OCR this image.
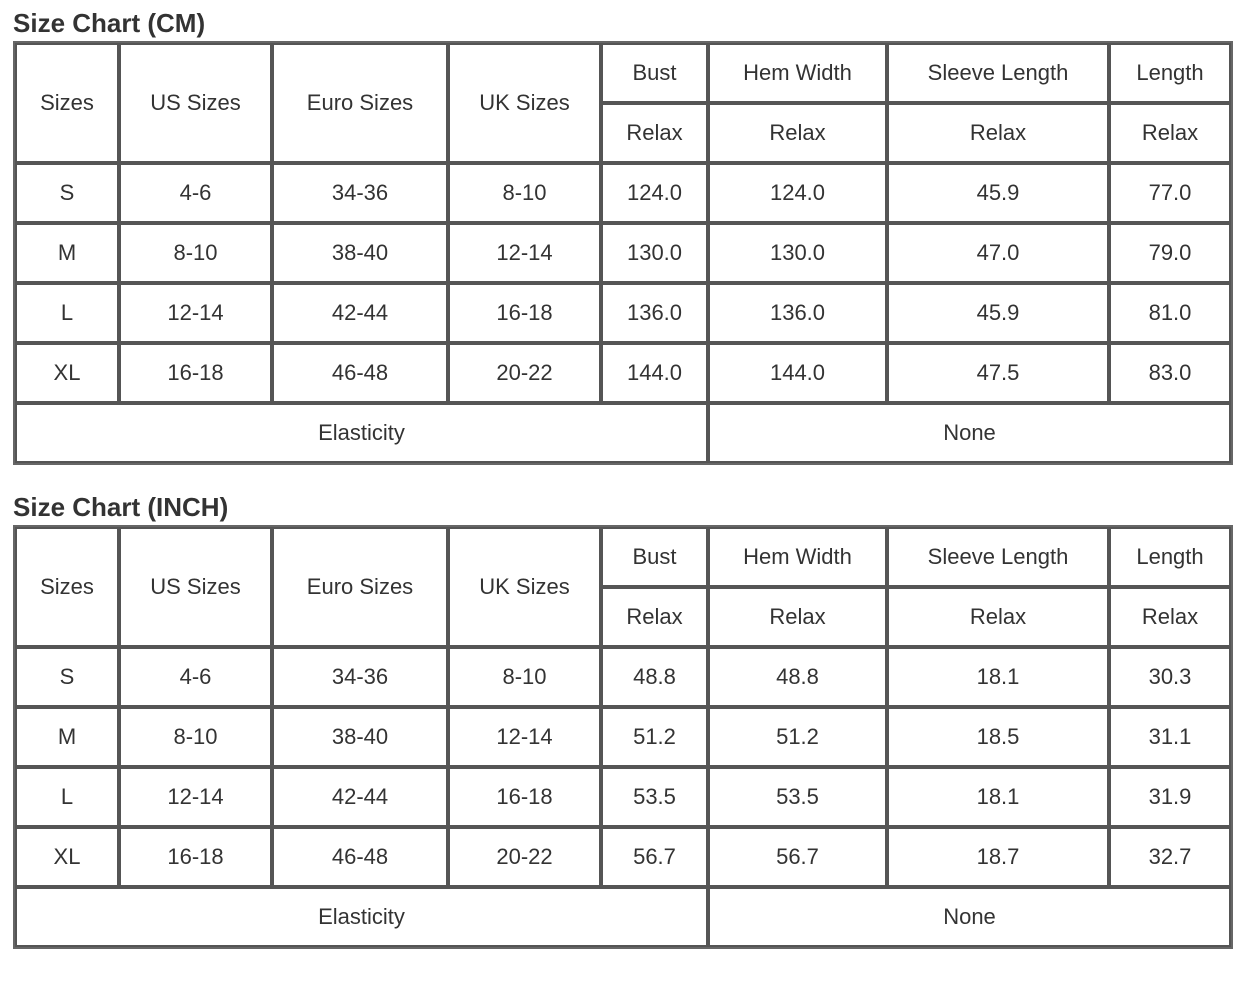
Size Chart (CM)
Sizes	US Sizes	Euro Sizes	UK Sizes	Bust	Hem Width	Sleeve Length	Length
				Relax	Relax	Relax	Relax
S	4-6	34-36	8-10	124.0	124.0	45.9	77.0
M	8-10	38-40	12-14	130.0	130.0	47.0	79.0
L	12-14	42-44	16-18	136.0	136.0	45.9	81.0
XL	16-18	46-48	20-22	144.0	144.0	47.5	83.0
Elasticity					None		
Size Chart (INCH)
Sizes	US Sizes	Euro Sizes	UK Sizes	Bust	Hem Width	Sleeve Length	Length
				Relax	Relax	Relax	Relax
S	4-6	34-36	8-10	48.8	48.8	18.1	30.3
M	8-10	38-40	12-14	51.2	51.2	18.5	31.1
L	12-14	42-44	16-18	53.5	53.5	18.1	31.9
XL	16-18	46-48	20-22	56.7	56.7	18.7	32.7
Elasticity					None		
